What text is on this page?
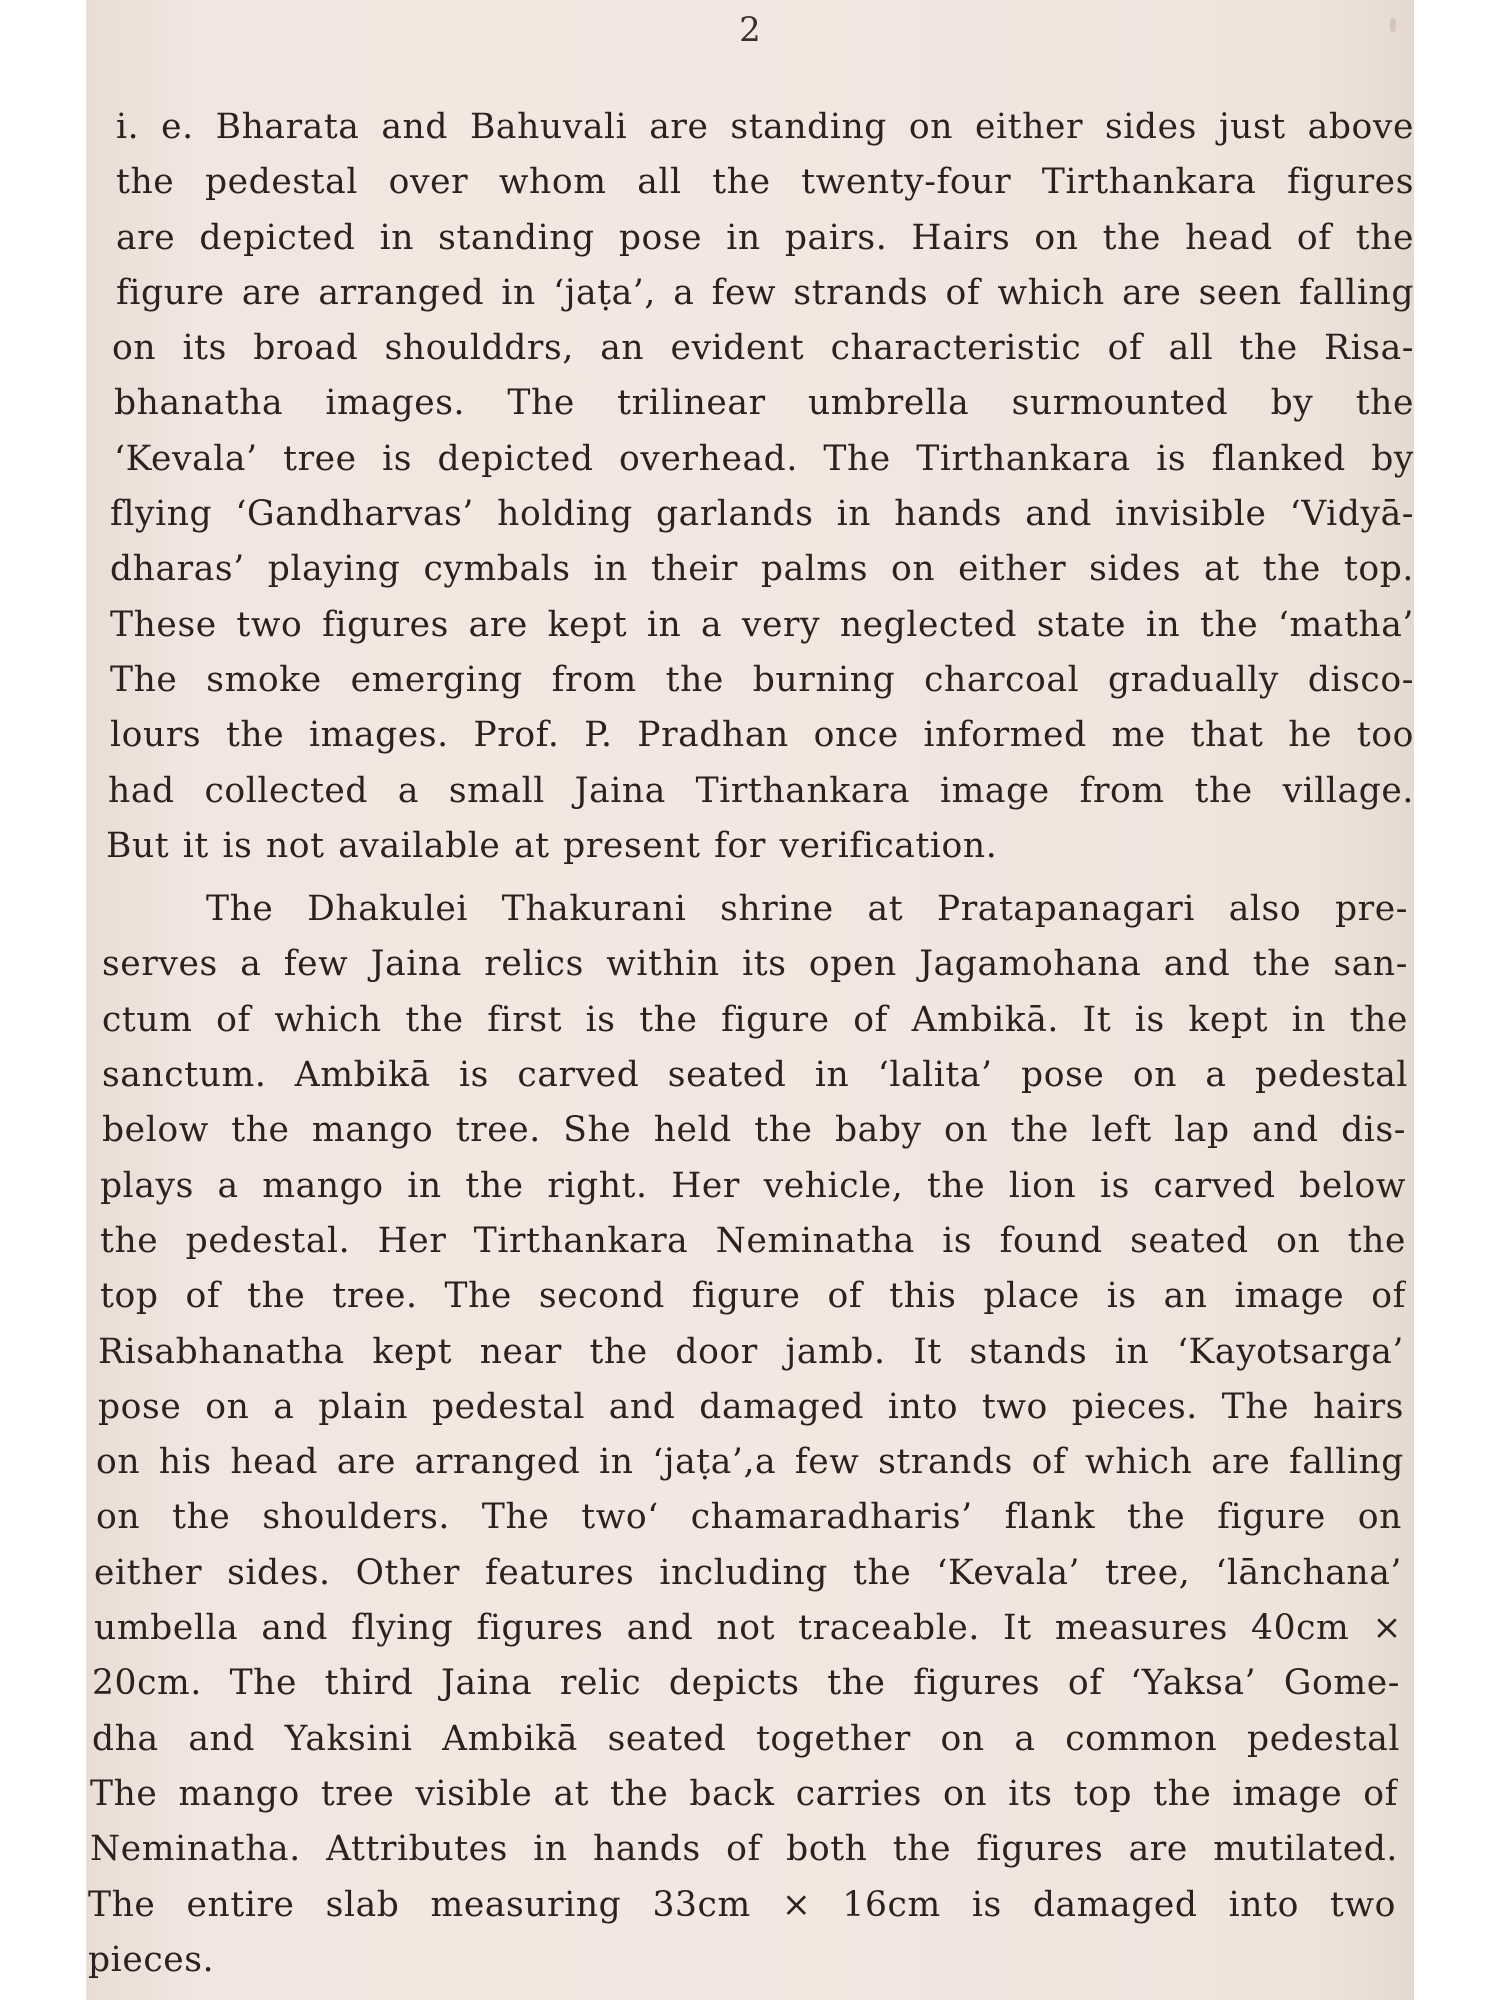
2
i. e. Bharata and Bahuvali are standing on either sides just above
the pedestal over whom all the twenty-four Tirthankara figures
are depicted in standing pose in pairs. Hairs on the head of the
figure are arranged in ‘jaṭa’, a few strands of which are seen falling
on its broad shoulddrs, an evident characteristic of all the Risa-
bhanatha images. The trilinear umbrella surmounted by the
‘Kevala’ tree is depicted overhead. The Tirthankara is flanked by
flying ‘Gandharvas’ holding garlands in hands and invisible ‘Vidyā-
dharas’ playing cymbals in their palms on either sides at the top.
These two figures are kept in a very neglected state in the ‘matha’
The smoke emerging from the burning charcoal gradually disco-
lours the images. Prof. P. Pradhan once informed me that he too
had collected a small Jaina Tirthankara image from the village.
But it is not available at present for verification.
The Dhakulei Thakurani shrine at Pratapanagari also pre-
serves a few Jaina relics within its open Jagamohana and the san-
ctum of which the first is the figure of Ambikā. It is kept in the
sanctum. Ambikā is carved seated in ‘lalita’ pose on a pedestal
below the mango tree. She held the baby on the left lap and dis-
plays a mango in the right. Her vehicle, the lion is carved below
the pedestal. Her Tirthankara Neminatha is found seated on the
top of the tree. The second figure of this place is an image of
Risabhanatha kept near the door jamb. It stands in ‘Kayotsarga’
pose on a plain pedestal and damaged into two pieces. The hairs
on his head are arranged in ‘jaṭa’,a few strands of which are falling
on the shoulders. The two‘ chamaradharis’ flank the figure on
either sides. Other features including the ‘Kevala’ tree, ‘lānchana’
umbella and flying figures and not traceable. It measures 40cm ×
20cm. The third Jaina relic depicts the figures of ‘Yaksa’ Gome-
dha and Yaksini Ambikā seated together on a common pedestal
The mango tree visible at the back carries on its top the image of
Neminatha. Attributes in hands of both the figures are mutilated.
The entire slab measuring 33cm × 16cm is damaged into two
pieces.
